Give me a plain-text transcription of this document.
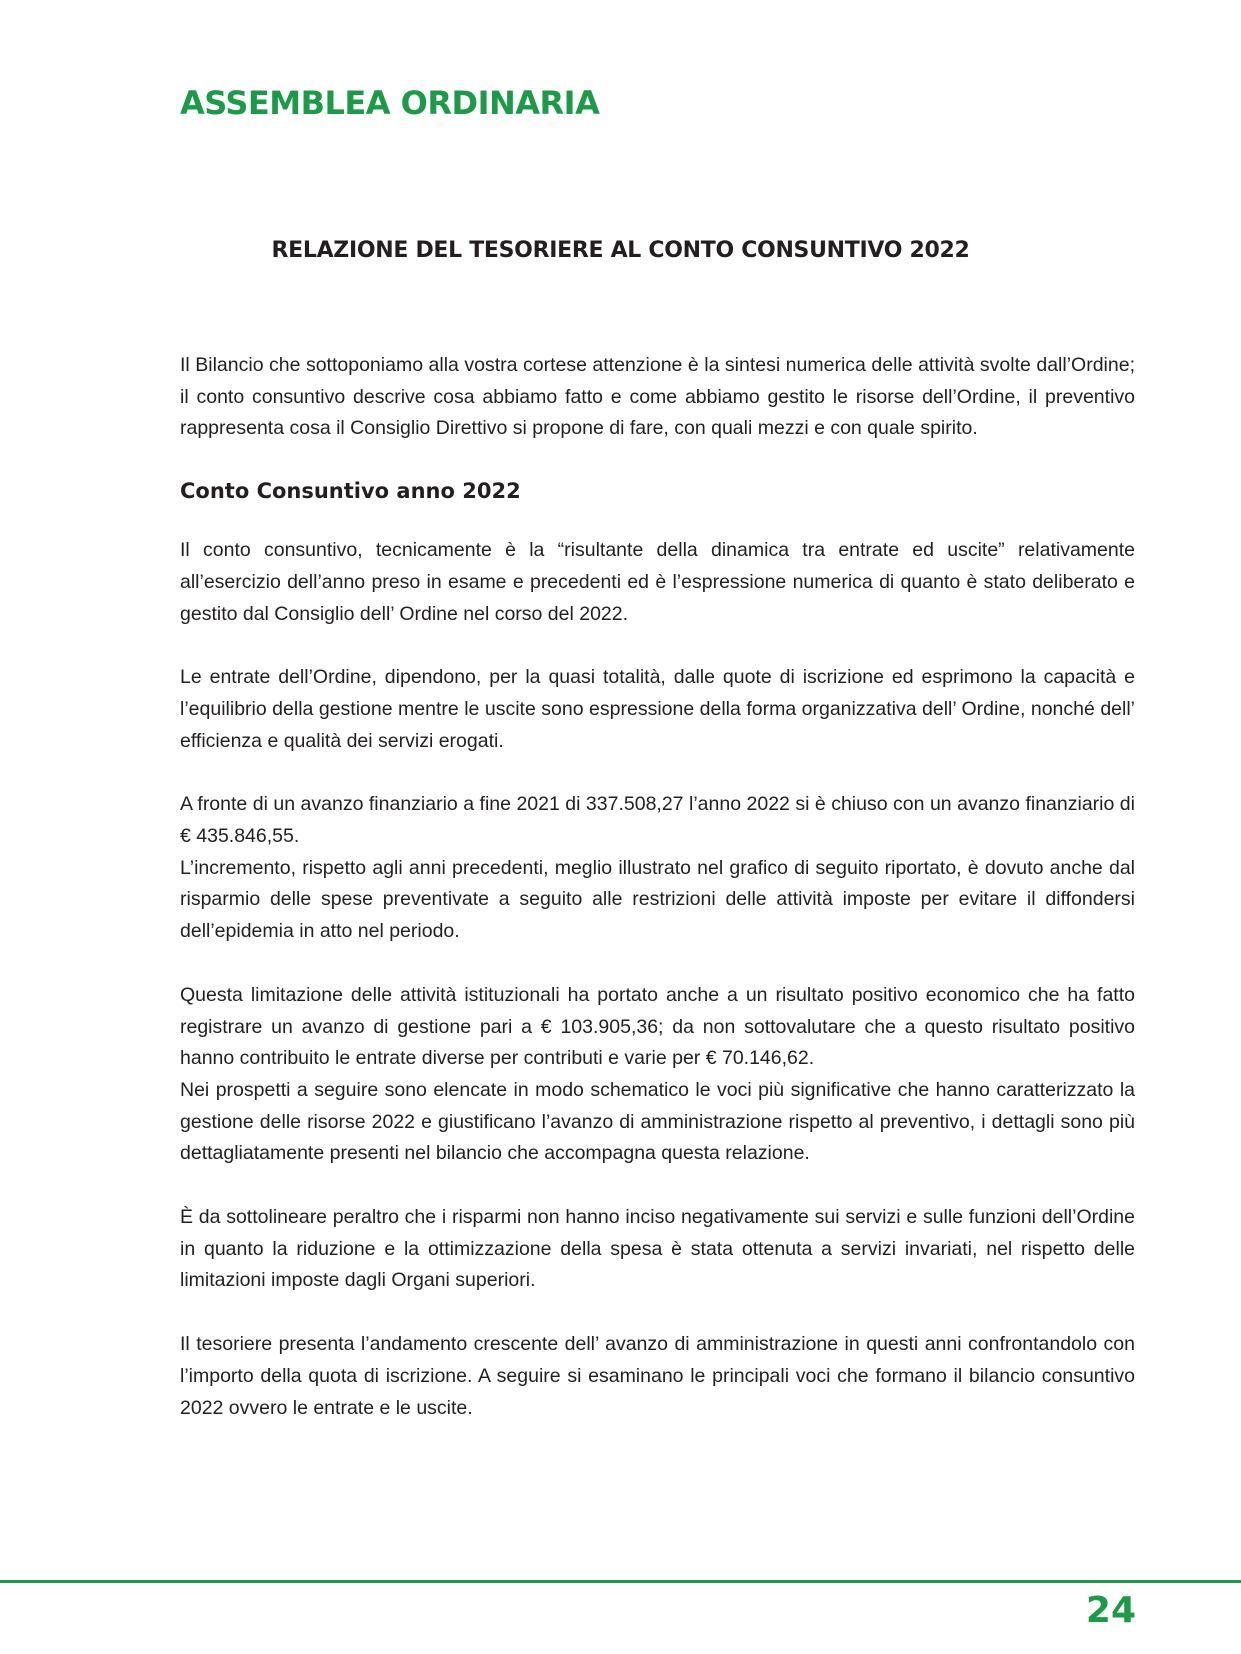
ASSEMBLEA ORDINARIA
RELAZIONE DEL TESORIERE AL CONTO CONSUNTIVO 2022

Il Bilancio che sottoponiamo alla vostra cortese attenzione è la sintesi numerica delle attività svolte dall’Ordine; il conto consuntivo descrive cosa abbiamo fatto e come abbiamo gestito le risorse dell’Ordine, il preventivo rappresenta cosa il Consiglio Direttivo si propone di fare, con quali mezzi e con quale spirito.

Conto Consuntivo anno 2022

Il conto consuntivo, tecnicamente è la “risultante della dinamica tra entrate ed uscite” relativamente all’esercizio dell’anno preso in esame e precedenti ed è l’espressione numerica di quanto è stato deliberato e gestito dal Consiglio dell’ Ordine nel corso del 2022.

Le entrate dell’Ordine, dipendono, per la quasi totalità, dalle quote di iscrizione ed esprimono la capacità e l’equilibrio della gestione mentre le uscite sono espressione della forma organizzativa dell’ Ordine, nonché dell’ efficienza e qualità dei servizi erogati.

A fronte di un avanzo finanziario a fine 2021 di 337.508,27 l’anno 2022 si è chiuso con un avanzo finanziario di € 435.846,55.

L’incremento, rispetto agli anni precedenti, meglio illustrato nel grafico di seguito riportato, è dovuto anche dal risparmio delle spese preventivate a seguito alle restrizioni delle attività imposte per evitare il diffondersi dell’epidemia in atto nel periodo.

Questa limitazione delle attività istituzionali ha portato anche a un risultato positivo economico che ha fatto registrare un avanzo di gestione pari a € 103.905,36; da non sottovalutare che a questo risultato positivo hanno contribuito le entrate diverse per contributi e varie per € 70.146,62.

Nei prospetti a seguire sono elencate in modo schematico le voci più significative che hanno caratterizzato la gestione delle risorse 2022 e giustificano l’avanzo di amministrazione rispetto al preventivo, i dettagli sono più dettagliatamente presenti nel bilancio che accompagna questa relazione.

È da sottolineare peraltro che i risparmi non hanno inciso negativamente sui servizi e sulle funzioni dell’Ordine in quanto la riduzione e la ottimizzazione della spesa è stata ottenuta a servizi invariati, nel rispetto delle limitazioni imposte dagli Organi superiori.

Il tesoriere presenta l’andamento crescente dell’ avanzo di amministrazione in questi anni confrontandolo con l’importo della quota di iscrizione. A seguire si esaminano le principali voci che formano il bilancio consuntivo 2022 ovvero le entrate e le uscite.

24
